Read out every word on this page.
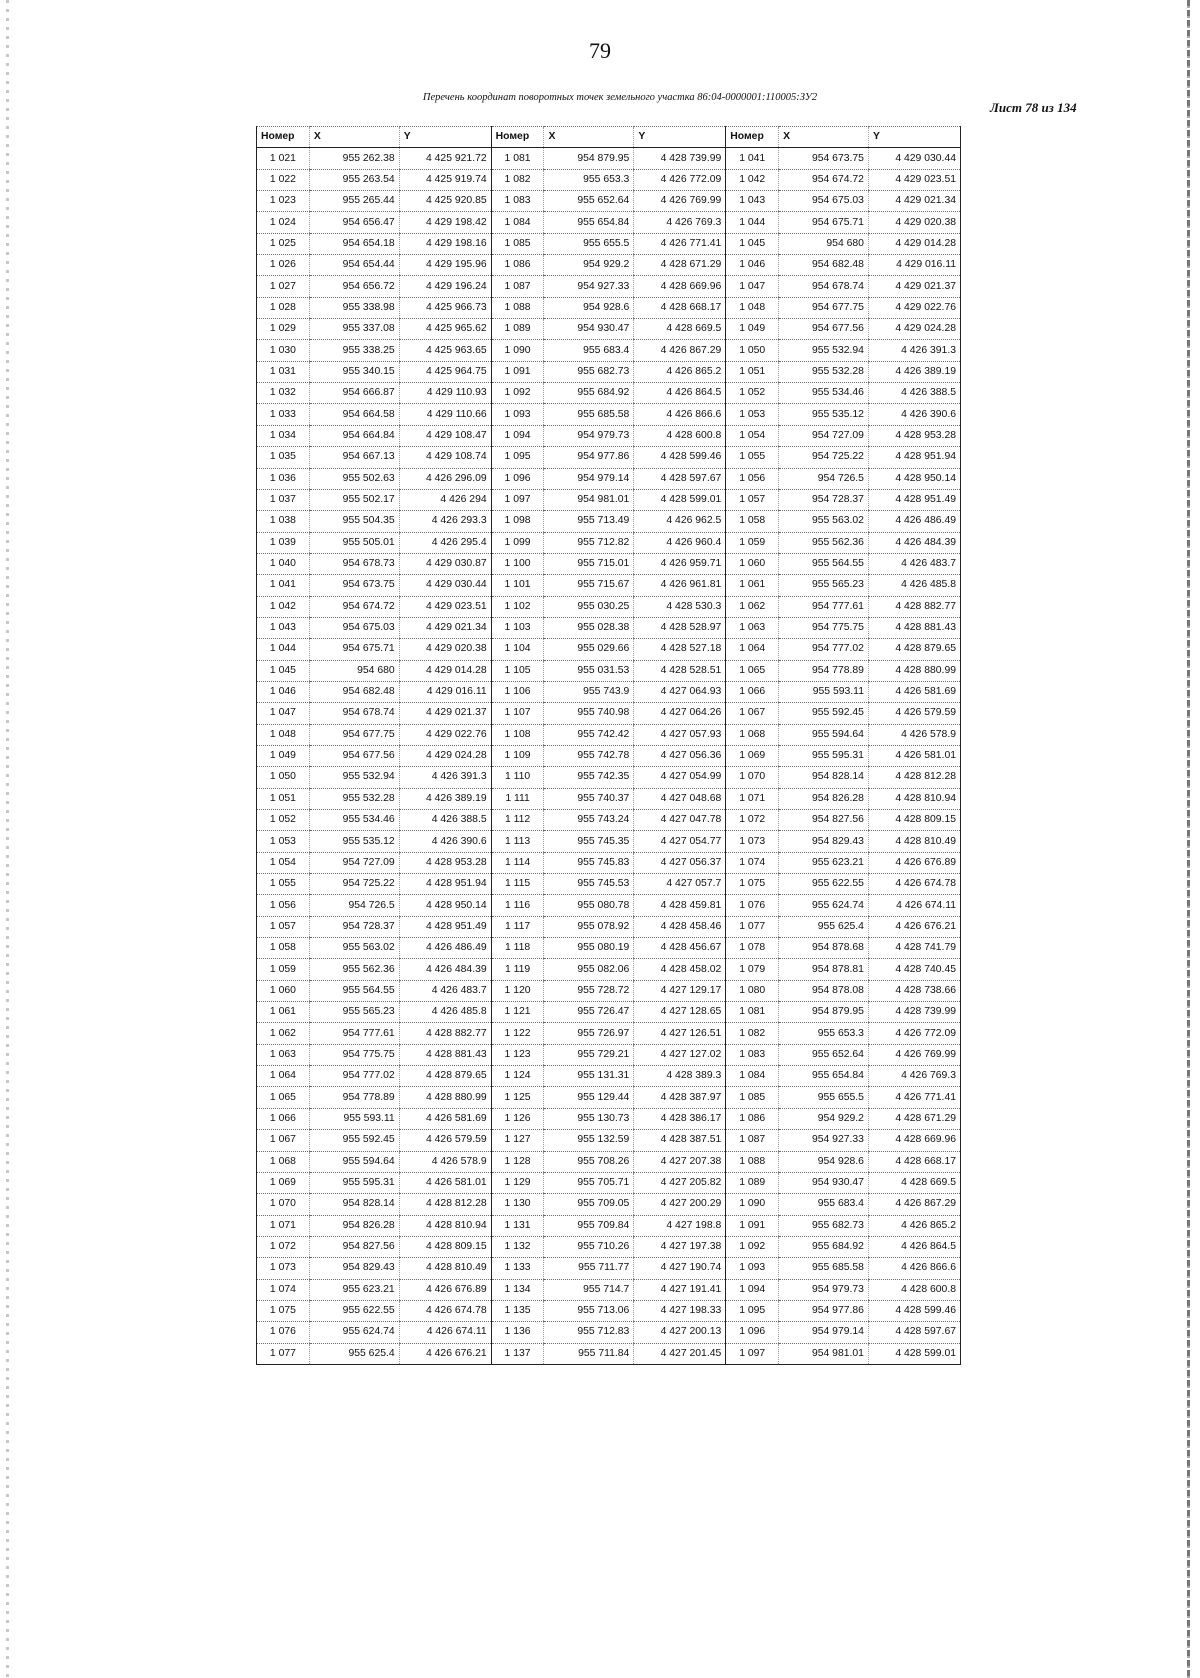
79
Перечень координат поворотных точек земельного участка 86:04-0000001:110005:ЗУ2
Лист 78 из 134
Номер	X	Y	Номер	X	Y	Номер	X	Y
1 021	955 262.38	4 425 921.72	1 081	954 879.95	4 428 739.99	1 041	954 673.75	4 429 030.44
1 022	955 263.54	4 425 919.74	1 082	955 653.3	4 426 772.09	1 042	954 674.72	4 429 023.51
1 023	955 265.44	4 425 920.85	1 083	955 652.64	4 426 769.99	1 043	954 675.03	4 429 021.34
1 024	954 656.47	4 429 198.42	1 084	955 654.84	4 426 769.3	1 044	954 675.71	4 429 020.38
1 025	954 654.18	4 429 198.16	1 085	955 655.5	4 426 771.41	1 045	954 680	4 429 014.28
1 026	954 654.44	4 429 195.96	1 086	954 929.2	4 428 671.29	1 046	954 682.48	4 429 016.11
1 027	954 656.72	4 429 196.24	1 087	954 927.33	4 428 669.96	1 047	954 678.74	4 429 021.37
1 028	955 338.98	4 425 966.73	1 088	954 928.6	4 428 668.17	1 048	954 677.75	4 429 022.76
1 029	955 337.08	4 425 965.62	1 089	954 930.47	4 428 669.5	1 049	954 677.56	4 429 024.28
1 030	955 338.25	4 425 963.65	1 090	955 683.4	4 426 867.29	1 050	955 532.94	4 426 391.3
1 031	955 340.15	4 425 964.75	1 091	955 682.73	4 426 865.2	1 051	955 532.28	4 426 389.19
1 032	954 666.87	4 429 110.93	1 092	955 684.92	4 426 864.5	1 052	955 534.46	4 426 388.5
1 033	954 664.58	4 429 110.66	1 093	955 685.58	4 426 866.6	1 053	955 535.12	4 426 390.6
1 034	954 664.84	4 429 108.47	1 094	954 979.73	4 428 600.8	1 054	954 727.09	4 428 953.28
1 035	954 667.13	4 429 108.74	1 095	954 977.86	4 428 599.46	1 055	954 725.22	4 428 951.94
1 036	955 502.63	4 426 296.09	1 096	954 979.14	4 428 597.67	1 056	954 726.5	4 428 950.14
1 037	955 502.17	4 426 294	1 097	954 981.01	4 428 599.01	1 057	954 728.37	4 428 951.49
1 038	955 504.35	4 426 293.3	1 098	955 713.49	4 426 962.5	1 058	955 563.02	4 426 486.49
1 039	955 505.01	4 426 295.4	1 099	955 712.82	4 426 960.4	1 059	955 562.36	4 426 484.39
1 040	954 678.73	4 429 030.87	1 100	955 715.01	4 426 959.71	1 060	955 564.55	4 426 483.7
1 041	954 673.75	4 429 030.44	1 101	955 715.67	4 426 961.81	1 061	955 565.23	4 426 485.8
1 042	954 674.72	4 429 023.51	1 102	955 030.25	4 428 530.3	1 062	954 777.61	4 428 882.77
1 043	954 675.03	4 429 021.34	1 103	955 028.38	4 428 528.97	1 063	954 775.75	4 428 881.43
1 044	954 675.71	4 429 020.38	1 104	955 029.66	4 428 527.18	1 064	954 777.02	4 428 879.65
1 045	954 680	4 429 014.28	1 105	955 031.53	4 428 528.51	1 065	954 778.89	4 428 880.99
1 046	954 682.48	4 429 016.11	1 106	955 743.9	4 427 064.93	1 066	955 593.11	4 426 581.69
1 047	954 678.74	4 429 021.37	1 107	955 740.98	4 427 064.26	1 067	955 592.45	4 426 579.59
1 048	954 677.75	4 429 022.76	1 108	955 742.42	4 427 057.93	1 068	955 594.64	4 426 578.9
1 049	954 677.56	4 429 024.28	1 109	955 742.78	4 427 056.36	1 069	955 595.31	4 426 581.01
1 050	955 532.94	4 426 391.3	1 110	955 742.35	4 427 054.99	1 070	954 828.14	4 428 812.28
1 051	955 532.28	4 426 389.19	1 111	955 740.37	4 427 048.68	1 071	954 826.28	4 428 810.94
1 052	955 534.46	4 426 388.5	1 112	955 743.24	4 427 047.78	1 072	954 827.56	4 428 809.15
1 053	955 535.12	4 426 390.6	1 113	955 745.35	4 427 054.77	1 073	954 829.43	4 428 810.49
1 054	954 727.09	4 428 953.28	1 114	955 745.83	4 427 056.37	1 074	955 623.21	4 426 676.89
1 055	954 725.22	4 428 951.94	1 115	955 745.53	4 427 057.7	1 075	955 622.55	4 426 674.78
1 056	954 726.5	4 428 950.14	1 116	955 080.78	4 428 459.81	1 076	955 624.74	4 426 674.11
1 057	954 728.37	4 428 951.49	1 117	955 078.92	4 428 458.46	1 077	955 625.4	4 426 676.21
1 058	955 563.02	4 426 486.49	1 118	955 080.19	4 428 456.67	1 078	954 878.68	4 428 741.79
1 059	955 562.36	4 426 484.39	1 119	955 082.06	4 428 458.02	1 079	954 878.81	4 428 740.45
1 060	955 564.55	4 426 483.7	1 120	955 728.72	4 427 129.17	1 080	954 878.08	4 428 738.66
1 061	955 565.23	4 426 485.8	1 121	955 726.47	4 427 128.65	1 081	954 879.95	4 428 739.99
1 062	954 777.61	4 428 882.77	1 122	955 726.97	4 427 126.51	1 082	955 653.3	4 426 772.09
1 063	954 775.75	4 428 881.43	1 123	955 729.21	4 427 127.02	1 083	955 652.64	4 426 769.99
1 064	954 777.02	4 428 879.65	1 124	955 131.31	4 428 389.3	1 084	955 654.84	4 426 769.3
1 065	954 778.89	4 428 880.99	1 125	955 129.44	4 428 387.97	1 085	955 655.5	4 426 771.41
1 066	955 593.11	4 426 581.69	1 126	955 130.73	4 428 386.17	1 086	954 929.2	4 428 671.29
1 067	955 592.45	4 426 579.59	1 127	955 132.59	4 428 387.51	1 087	954 927.33	4 428 669.96
1 068	955 594.64	4 426 578.9	1 128	955 708.26	4 427 207.38	1 088	954 928.6	4 428 668.17
1 069	955 595.31	4 426 581.01	1 129	955 705.71	4 427 205.82	1 089	954 930.47	4 428 669.5
1 070	954 828.14	4 428 812.28	1 130	955 709.05	4 427 200.29	1 090	955 683.4	4 426 867.29
1 071	954 826.28	4 428 810.94	1 131	955 709.84	4 427 198.8	1 091	955 682.73	4 426 865.2
1 072	954 827.56	4 428 809.15	1 132	955 710.26	4 427 197.38	1 092	955 684.92	4 426 864.5
1 073	954 829.43	4 428 810.49	1 133	955 711.77	4 427 190.74	1 093	955 685.58	4 426 866.6
1 074	955 623.21	4 426 676.89	1 134	955 714.7	4 427 191.41	1 094	954 979.73	4 428 600.8
1 075	955 622.55	4 426 674.78	1 135	955 713.06	4 427 198.33	1 095	954 977.86	4 428 599.46
1 076	955 624.74	4 426 674.11	1 136	955 712.83	4 427 200.13	1 096	954 979.14	4 428 597.67
1 077	955 625.4	4 426 676.21	1 137	955 711.84	4 427 201.45	1 097	954 981.01	4 428 599.01
